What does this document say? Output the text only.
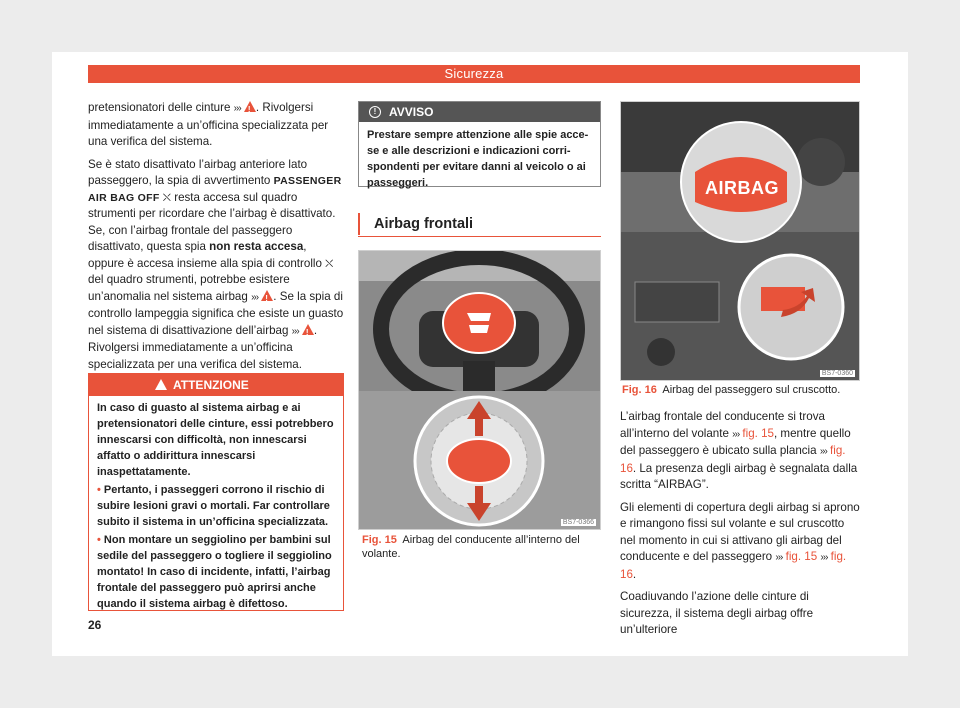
Sicurezza

pretensionatori delle cinture ››› ! . Rivolgersi immediatamente a un’officina specializzata per una verifica del sistema.

Se è stato disattivato l’airbag anteriore lato passeggero, la spia di avvertimento PASSENGER AIR BAG OFF ⛌ resta accesa sul quadro strumenti per ricordare che l’airbag è disattivato. Se, con l’airbag frontale del passeggero disattivato, questa spia non resta accesa, oppure è accesa insieme alla spia di controllo ⛌ del quadro strumenti, potrebbe esistere un’anomalia nel sistema airbag ››› ! . Se la spia di controllo lampeggia significa che esiste un guasto nel sistema di disattivazione dell’airbag ››› ! . Rivolgersi immediatamente a un’officina specializzata per una verifica del sistema.

ATTENZIONE

In caso di guasto al sistema airbag e ai pretensionatori delle cinture, essi potrebbero innescarsi con difficoltà, non innescarsi affatto o addirittura innescarsi inaspettatamente.

• Pertanto, i passeggeri corrono il rischio di subire lesioni gravi o mortali. Far controllare subito il sistema in un’officina specializzata.

• Non montare un seggiolino per bambini sul sedile del passeggero o togliere il seggiolino montato! In caso di incidente, infatti, l’airbag frontale del passeggero può aprirsi anche quando il sistema airbag è difettoso.

!	AVVISO
Prestare sempre attenzione alle spie acce-se e alle descrizioni e indicazioni corri-spondenti per evitare danni al veicolo o ai passeggeri.
Airbag frontali
BS7-0366
Fig. 15 Airbag del conducente all’interno del volante.
AIRBAG
BS7-0360
Fig. 16 Airbag del passeggero sul cruscotto.

L’airbag frontale del conducente si trova all’interno del volante ››› fig. 15, mentre quello del passeggero è ubicato sulla plancia ››› fig. 16. La presenza degli airbag è segnalata dalla scritta “AIRBAG”.

Gli elementi di copertura degli airbag si aprono e rimangono fissi sul volante e sul cruscotto nel momento in cui si attivano gli airbag del conducente e del passeggero ››› fig. 15 ››› fig. 16.

Coadiuvando l’azione delle cinture di sicurezza, il sistema degli airbag offre un’ulteriore

26
